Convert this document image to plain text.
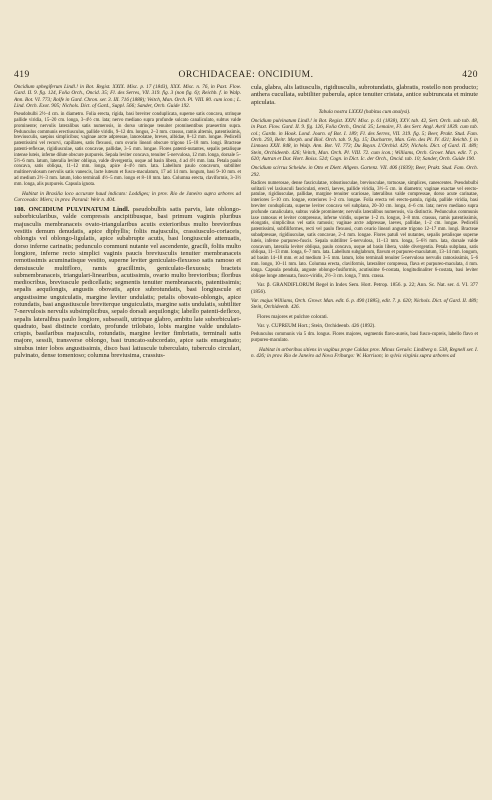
419	ORCHIDACEAE: ONCIDIUM.	420

Oncidium sphegiferum Lindl.! in Bot. Regist. XXIX. Misc. p. 17 (1843), XXX. Misc. n. 76, in Paxt. Flow. Gard. II. 9. fig. 124, Folia Orch., Oncid. 35; Fl. des Serres, VII. 319. fig. 3 (non fig. 6); Reichb. f. in Walp. Ann. Bot. VI. 773; Rolfe in Gard. Chron. ser. 3. III. 716 (1888); Veitch, Man. Orch. Pl. VIII. 80. cum icon.; L. Lind. Orch. Exot. 905; Nichols. Dict. of Gard., Suppl. 566; Sander, Orch. Guide 192.

Pseudobulbi 2½–4 cm. in diametro. Folia erecta, rigida, basi breviter conduplicata, superne satis concava, utrinque pallide viridia, 15–20 cm. longa, 3–4½ cm. lata; nervo mediano supra profunde sulcato canaliculato, subtus valde prominente; nervulis lateralibus satis numerosis, in dorso utrinque tenuiter prominentibus praesertim supra. Pedunculus communis erectiusculus, pallide viridis, 9–12 dm. longus, 2–3 mm. crassus, ramis alternis, patentissimis, breviusculis, saepius simplicibus; vaginae arcte adpressae, lanceolatae, breves, albidae, 8–12 mm. longae. Pedicelli patentissimi vel recurvi, capillares, satis flexuosi, cum ovario lineari obscure trigono 15–18 mm. longi. Bracteae patenti-reflexae, rigidiusculae, satis concavae, pallidae, 3–5 mm. longae. Flores patenti-nutantes, sepalis petalisque intense luteis, inferne dilute obscure purpureis. Sepala leviter concava, tenuiter 5-nervulosa, 12 mm. longa, dorsale 5–5½–6 mm. latum, lateralia leviter obliqua, valde divergentia, usque ad basin libera, 4 ad 4½ mm. lata. Petala paulo concava, satis obliqua, 11–12 mm. longa, apice 4–4½ mm. lata. Labellum paulo concavum, subtiliter multinervulosum nervulis satis vanescis, lacte luteum et fusco-maculatum, 17 ad 14 mm. longum, basi 9–10 mm. et ad medium 2½–3 mm. latum, lobo terminali 4½–5 mm. longo et 8–10 mm. lato. Columna erecta, claviformis, 3–3½ mm. longa, alis purpureis. Capsula ignota.

Habitat in Brasilia loco accurate haud indicato: Loddiges; in prov. Rio de Janeiro supra arbores ad Corcovado: Miers; in prov. Paraná: Weir n. 404.

108. ONCIDIUM PULVINATUM Lindl. pseudobulbis satis parvis, late oblongo-suborbicularibus, valde compressis ancipitibusque, basi primum vaginis pluribus majusculis membranaceis ovato-triangularibus acutis exterioribus multo brevioribus vestitis demum denudatis, apice diphyllis; foliis majusculis, crassiusculo-coriaceis, oblongis vel oblongo-ligulatis, apice subabrupte acutis, basi longiuscule attenuatis, dorso inferne carinatis; pedunculo communi nutante vel ascendente, gracili, foliis multo longiore, inferne recto simplici vaginis paucis breviusculis tenuiter membranaceis remotissimis acuminatisque vestito, superne leviter geniculato-flexuoso satis ramoso et densiuscule multifloro, ramis gracillimis, geniculato-flexuosis; bracteis submembranaceis, triangulari-linearibus, acutissimis, ovario multo brevioribus; floribus mediocribus, breviuscule pedicellatis; segmentis tenuiter membranaceis, patentissimis; sepalis aequilongis, angustis obovatis, apice subrotundatis, basi longiuscule et angustissime unguiculatis, margine leviter undulatis; petalis obovato-oblongis, apice rotundatis, basi angustiuscule breviterque unguiculatis, margine satis undulatis, subtiliter 7-nervulosis nervulis subsimplicibus, sepalo dorsali aequilongis; labello patenti-deflexo, sepalis lateralibus paulo longiore, subsessili, utrinque glabro, ambitu late suborbiculari-quadrato, basi distincte cordato, profunde trilobato, lobis margine valde undulato-crispis, basilaribus majusculis, rotundatis, margine leviter fimbriatis, terminali satis majore, sessili, transverse oblongo, basi truncato-subcordato, apice satis emarginato; sinubus inter lobos angustissimis, disco basi latiuscule tuberculato, tuberculo circulari, pulvinato, dense tomentoso; columna breviusima, crassius-

cula, glabra, alis latiusculis, rigidiusculis, subrotundatis, glabratis, rostello non producto; anthera cucullata, subtiliter puberula, apice tenuiter cristata, antice subtruncata et minute apiculata.

Tabula nostra LXXXI (habitus cum analysi).

Oncidium pulvinatum Lindl.! in Bot. Regist. XXIV. Misc. p. 61 (1838), XXV. tab. 42, Sert. Orch. sub tab. 48, in Paxt. Flow. Gard. II. 9. fig. 126, Folia Orch., Oncid. 35; Lemaire, Fl. des Serr. Angl. Avril 1839. cum tab. col.; Gardn. in Hook. Lond. Journ. of Bot. I. 189; Fl. des Serres, VII. 319. fig. 5; Beer, Prakt. Stud. Fam. Orch. 293, Beitr. Morph. und Biol. Orch. tab. 9. fig. 15; Duchartre, Man. Gén. des Pl. IV. 431; Reichb. f. in Linnaea XXII. 848, in Walp. Ann. Bot. VI. 773; Du Buysn. L'Orchid. 429; Nichols. Dict. of Gard. II. 489; Stein, Orchideenb. 426; Veitch, Man. Orch. Pl. VIII. 72. cum icon.; Williams, Orch. Growr. Man. edit. 7. p. 620; Autran et Dur. Hort. Boiss. 524; Cogn. in Dict. Ic. der Orch., Oncid. tab. 10; Sander, Orch. Guide 190.

Oncidium scirrus Scheidw. in Otto et Dietr. Allgem. Gartenz. VII. 406 (1839); Beer, Prakt. Stud. Fam. Orch. 292.

Radices numerosae, dense fasciculatae, robustiusculae, breviusculae, tortuosae, simplices, canescentes. Pseudobulbi solitarii vel laxiusculi fasciculati, erecti, laeves, pallide viridia, 3½–5 cm. in diametro; vaginae exactae vel erecto-patulae, rigidiusculae, pallidae, margine tenuiter scariosae, lateralibus valde compressae, dorso acute carinatae, interiores 5–10 cm. longae, exteriores 1–2 cm. longae. Folia erecta vel erecto-patula, rigida, pallide viridia, basi breviter conduplicata, superne leviter concava vel subplana, 20–30 cm. longa, 4–6 cm. lata; nervo mediano supra profunde canaliculato, subtus valde prominente; nervulis lateralibus numerosis, via distinctis. Pedunculus communis laxe ramosus et leviter compressus, inferne viridis, superne 1–2 m. longus, 3–8 mm. crassus, ramis patentissimis, elongatis, simplicibus vel satis ramosis; vaginae arcte adpressae, laeves, pallidae, 1–2 cm. longae. Pedicelli patentissimi, subfiliformes, recti vel paulo flexuosi, cum ovario lineari anguste trigono 12–17 mm. longi. Bracteae subadpressae, rigidiusculae, satis concavae, 2–4 mm. longae. Flores patuli vel nutantes, sepalis petalisque superne luteis, inferne purpureo-fuscis. Sepala subtiliter 5-nervulosa, 11–13 mm. longa, 5–6½ mm. lata, dorsale valde concavum, lateralia leviter obliqua, paulo concava, usque ad basin libera, valde divergentia. Petala subplana, satis obliqua, 11–13 mm. longa, 6–7 mm. lata. Labellum subglabrum, flavum et purpureo-maculatum, 13–14 mm. longum, ad basim 14–18 mm. et ad medium 3–5 mm. latum, lobo terminali tenuiter 5-nervuloso nervulis ramosissimis, 5–6 mm. longo, 10–11 mm. lato. Columna erecta, claviformis, lateraliter compressa, flava et purpureo-maculata, 4 mm. longa. Capsula pendula, anguste oblongo-fusiformis, acutissime 6-costata, longitudinaliter 6-costata, basi leviter oblique longe attenuata, fusco-viridis, 2½–3 cm. longa, 7 mm. crassa.

Var. β. GRANDIFLORUM Regel in Index Sem. Hort. Petrop. 1856. p. 22; Ann. Sc. Nat. ser. 4. VI. 377 (1856).

Var. majus Williams, Orch. Growr. Man. edit. 6. p. 490 (1885), edit. 7. p. 620; Nichols. Dict. of Gard. II. 489; Stein, Orchideenb. 426.

Flores majores et pulchre colorati.

Var. γ. CUPREUM Hort.; Stein, Orchideenb. 426 (1892).

Pedunculus communis via 5 dm. longus. Flores majores, segmentis flavo-aureis, basi fusco-cupreis, labello flavo et purpureo-maculato.

Habitat in arboribus sitiens in vagibus prope Caldas prov. Minas Geraës: Lindberg n. 538, Regnell ser. I. n. 426; in prov. Rio de Janeiro ad Nova Friburgo: W. Harrison; in sylvis virginis supra arbores ad
